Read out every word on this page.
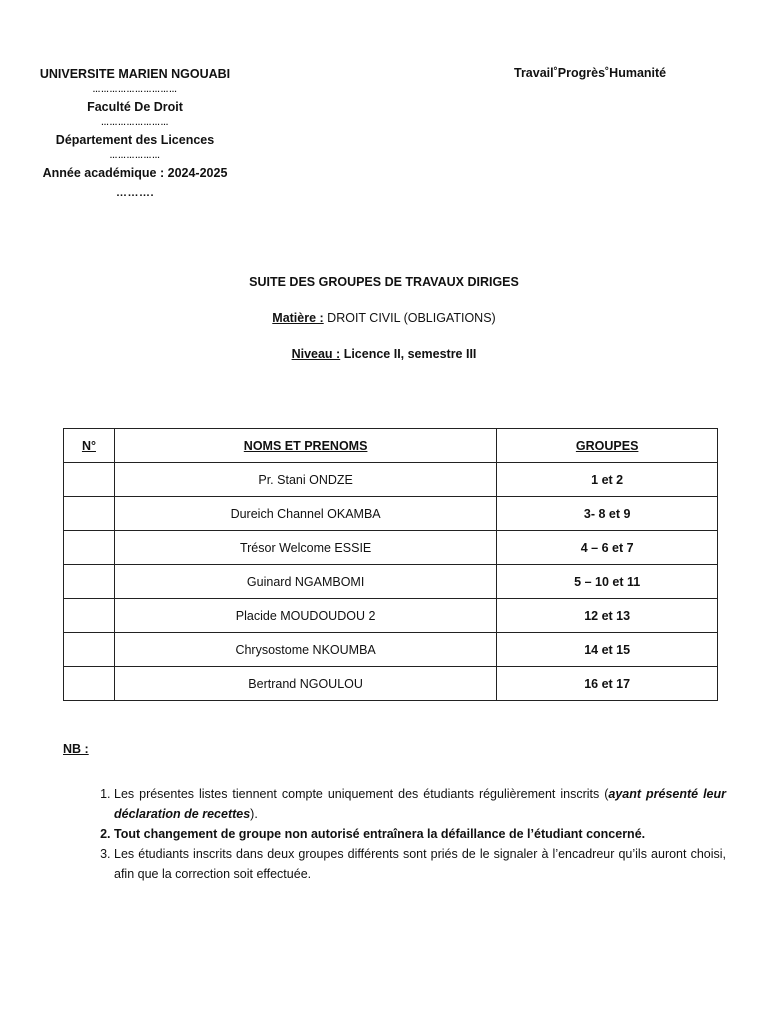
UNIVERSITE MARIEN NGOUABI
…………………………
Faculté De Droit
……………………
Département des Licences
………………
Année académique : 2024-2025
……….
Travail˚Progrès˚Humanité
SUITE DES GROUPES DE TRAVAUX DIRIGES
Matière : DROIT CIVIL (OBLIGATIONS)
Niveau : Licence II, semestre III
N°	NOMS ET PRENOMS	GROUPES
	Pr. Stani ONDZE	1 et 2
	Dureich Channel OKAMBA	3- 8 et 9
	Trésor Welcome ESSIE	4 – 6 et 7
	Guinard NGAMBOMI	5 – 10 et 11
	Placide MOUDOUDOU 2	12 et 13
	Chrysostome NKOUMBA	14 et 15
	Bertrand NGOULOU	16 et 17
NB :
1. Les présentes listes tiennent compte uniquement des étudiants régulièrement inscrits (ayant présenté leur déclaration de recettes).
2. Tout changement de groupe non autorisé entraînera la défaillance de l’étudiant concerné.
3. Les étudiants inscrits dans deux groupes différents sont priés de le signaler à l’encadreur qu’ils auront choisi, afin que la correction soit effectuée.
